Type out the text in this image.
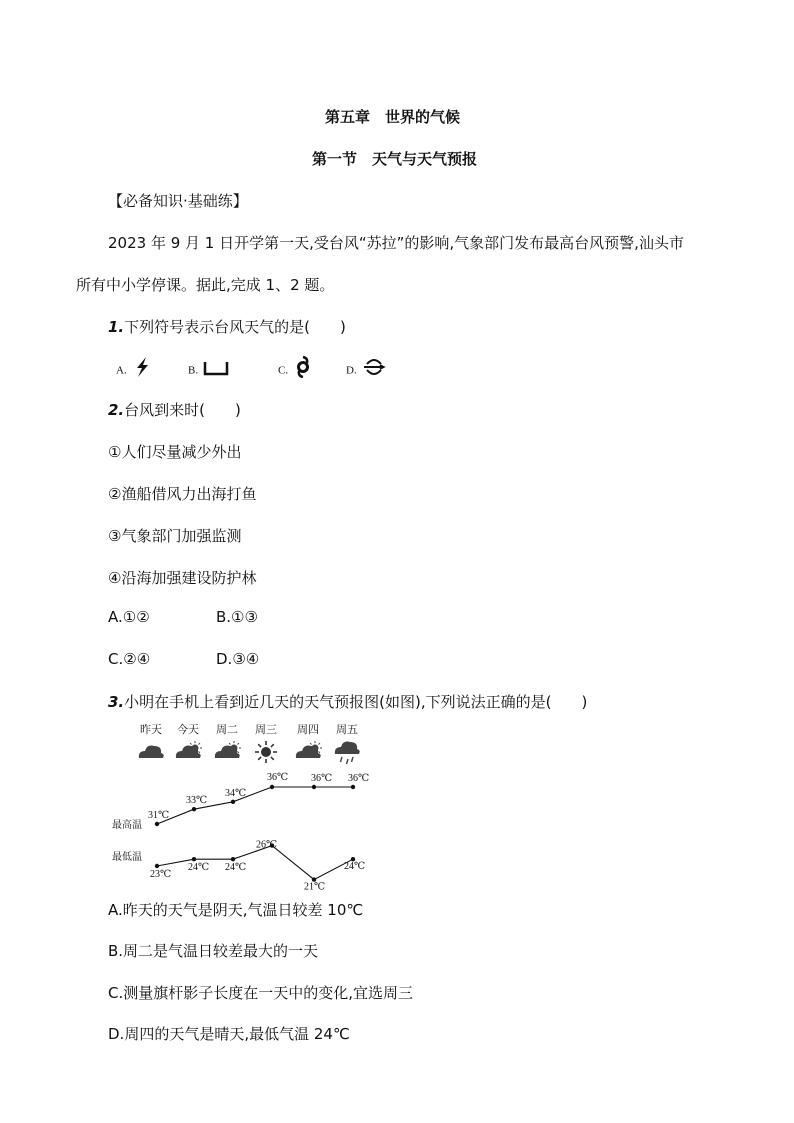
第五章　世界的气候
第一节　天气与天气预报
【必备知识·基础练】
2023 年 9 月 1 日开学第一天,受台风“苏拉”的影响,气象部门发布最高台风预警,汕头市
所有中小学停课。据此,完成 1、2 题。
1.下列符号表示台风天气的是(　　)
A.	B.	C.	D.
2.台风到来时(　　)
①人们尽量减少外出
②渔船借风力出海打鱼
③气象部门加强监测
④沿海加强建设防护林
A.①②	B.①③
C.②④	D.③④
3.小明在手机上看到近几天的天气预报图(如图),下列说法正确的是(　　)
昨天 今天 周二 周三 周四 周五
31℃
33℃
34℃
36℃ 36℃ 36℃
23℃
24℃ 24℃
26℃
21℃
24℃
最高温
最低温
A.昨天的天气是阴天,气温日较差 10℃
B.周二是气温日较差最大的一天
C.测量旗杆影子长度在一天中的变化,宜选周三
D.周四的天气是晴天,最低气温 24℃
